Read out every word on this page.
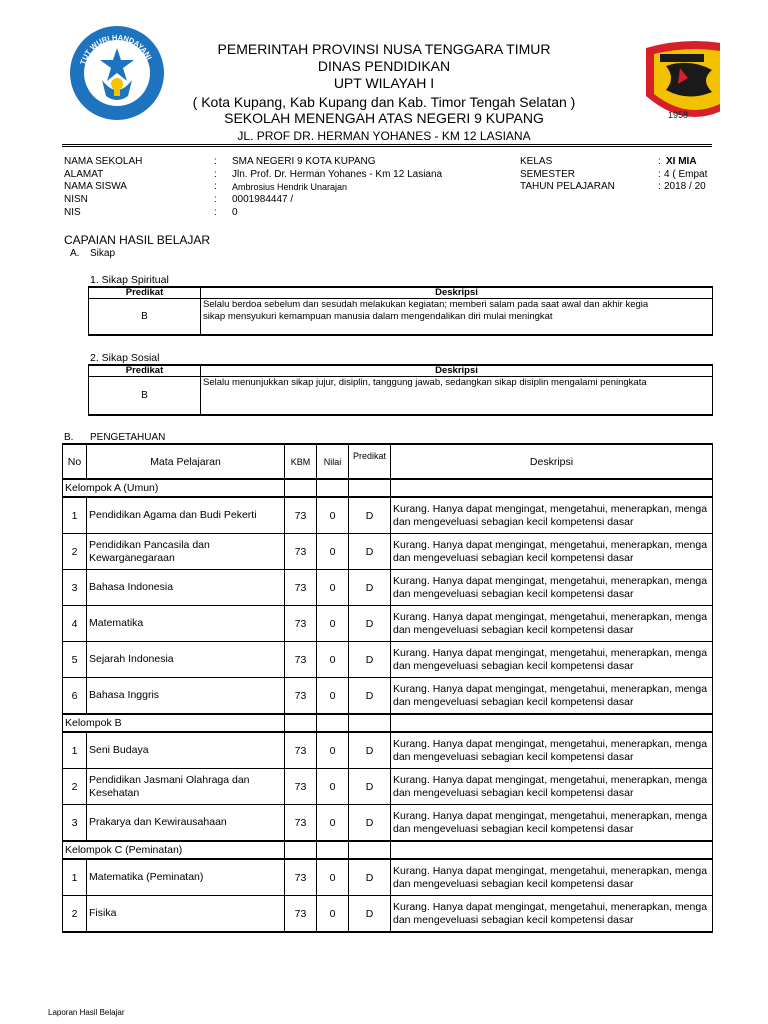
TUT WURI HANDAYANI
1958
PEMERINTAH PROVINSI NUSA TENGGARA TIMUR
DINAS PENDIDIKAN
UPT WILAYAH I
( Kota Kupang, Kab Kupang dan Kab. Timor Tengah Selatan )
SEKOLAH MENENGAH ATAS NEGERI 9 KUPANG
JL. PROF DR. HERMAN YOHANES - KM 12 LASIANA
NAMA SEKOLAH	: SMA NEGERI 9 KOTA KUPANG
ALAMAT	: Jln. Prof. Dr. Herman Yohanes - Km 12 Lasiana
NAMA SISWA	: Ambrosius Hendrik Unarajan
NISN	: 0001984447 /
NIS	: 0
KELAS	: XI MIA
SEMESTER	: 4 ( Empat
TAHUN PELAJARAN	: 2018 / 20
CAPAIAN HASIL BELAJAR
A. Sikap
1. Sikap Spiritual
Predikat	Deskripsi
B	Selalu berdoa sebelum dan sesudah melakukan kegiatan; memberi salam pada saat awal dan akhir kegia
sikap mensyukuri kemampuan manusia dalam mengendalikan diri mulai meningkat
2. Sikap Sosial
Predikat	Deskripsi
B	Selalu menunjukkan sikap jujur, disiplin, tanggung jawab, sedangkan sikap disiplin mengalami peningkata
B. PENGETAHUAN
No	Mata Pelajaran	KBM	Nilai	Predikat	Deskripsi
Kelompok A (Umun)					
1	Pendidikan Agama dan Budi Pekerti	73	0	D	Kurang. Hanya dapat mengingat, mengetahui, menerapkan, menga
dan mengeveluasi sebagian kecil kompetensi dasar

2	Pendidikan Pancasila dan Kewarganegaraan	73	0	D	Kurang. Hanya dapat mengingat, mengetahui, menerapkan, menga
dan mengeveluasi sebagian kecil kompetensi dasar

3	Bahasa Indonesia	73	0	D	Kurang. Hanya dapat mengingat, mengetahui, menerapkan, menga
dan mengeveluasi sebagian kecil kompetensi dasar

4	Matematika	73	0	D	Kurang. Hanya dapat mengingat, mengetahui, menerapkan, menga
dan mengeveluasi sebagian kecil kompetensi dasar

5	Sejarah Indonesia	73	0	D	Kurang. Hanya dapat mengingat, mengetahui, menerapkan, menga
dan mengeveluasi sebagian kecil kompetensi dasar

6	Bahasa Inggris	73	0	D	Kurang. Hanya dapat mengingat, mengetahui, menerapkan, menga
dan mengeveluasi sebagian kecil kompetensi dasar

Kelompok B					
1	Seni Budaya	73	0	D	Kurang. Hanya dapat mengingat, mengetahui, menerapkan, menga
dan mengeveluasi sebagian kecil kompetensi dasar

2	Pendidikan Jasmani Olahraga dan Kesehatan	73	0	D	Kurang. Hanya dapat mengingat, mengetahui, menerapkan, menga
dan mengeveluasi sebagian kecil kompetensi dasar

3	Prakarya dan Kewirausahaan	73	0	D	Kurang. Hanya dapat mengingat, mengetahui, menerapkan, menga
dan mengeveluasi sebagian kecil kompetensi dasar

Kelompok C (Peminatan)					
1	Matematika (Peminatan)	73	0	D	Kurang. Hanya dapat mengingat, mengetahui, menerapkan, menga
dan mengeveluasi sebagian kecil kompetensi dasar

2	Fisika	73	0	D	Kurang. Hanya dapat mengingat, mengetahui, menerapkan, menga
dan mengeveluasi sebagian kecil kompetensi dasar
Laporan Hasil Belajar
